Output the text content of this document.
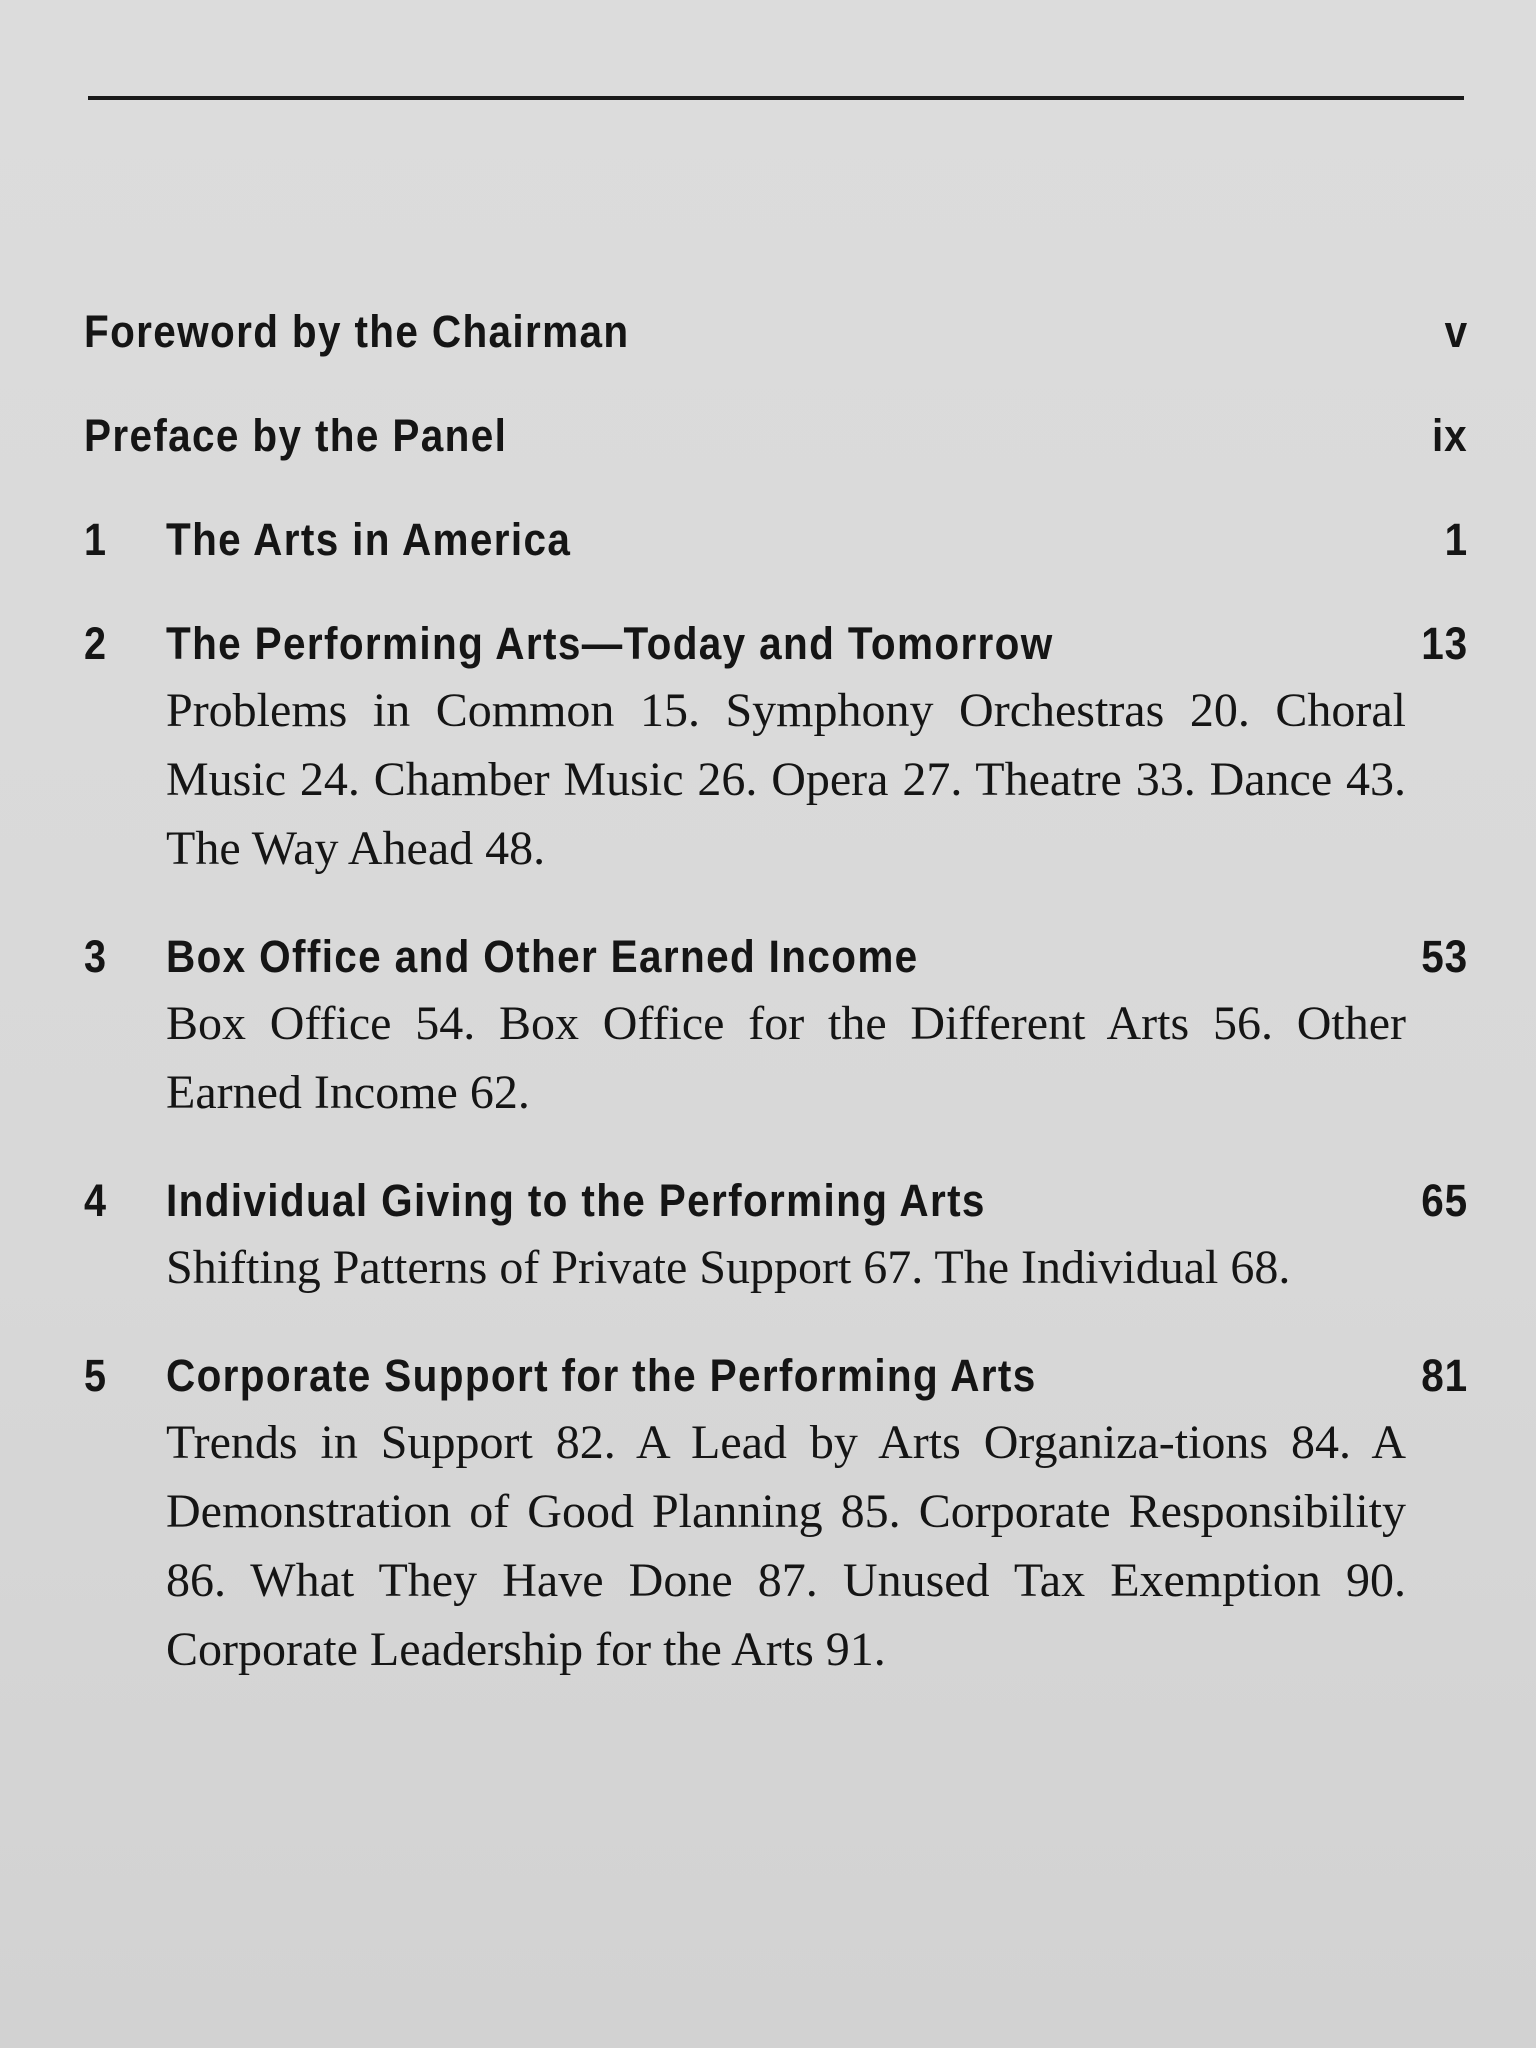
Foreword by the Chairman	v
Preface by the Panel	ix
1 The Arts in America	1
2 The Performing Arts—Today and Tomorrow	13
Problems in Common 15. Symphony Orchestras 20. Choral Music 24. Chamber Music 26. Opera 27. Theatre 33. Dance 43. The Way Ahead 48.
3 Box Office and Other Earned Income	53
Box Office 54. Box Office for the Different Arts 56. Other Earned Income 62.
4 Individual Giving to the Performing Arts	65
Shifting Patterns of Private Support 67. The Individual 68.
5 Corporate Support for the Performing Arts	81
Trends in Support 82. A Lead by Arts Organiza-tions 84. A Demonstration of Good Planning 85. Corporate Responsibility 86. What They Have Done 87. Unused Tax Exemption 90. Corporate Leadership for the Arts 91.
